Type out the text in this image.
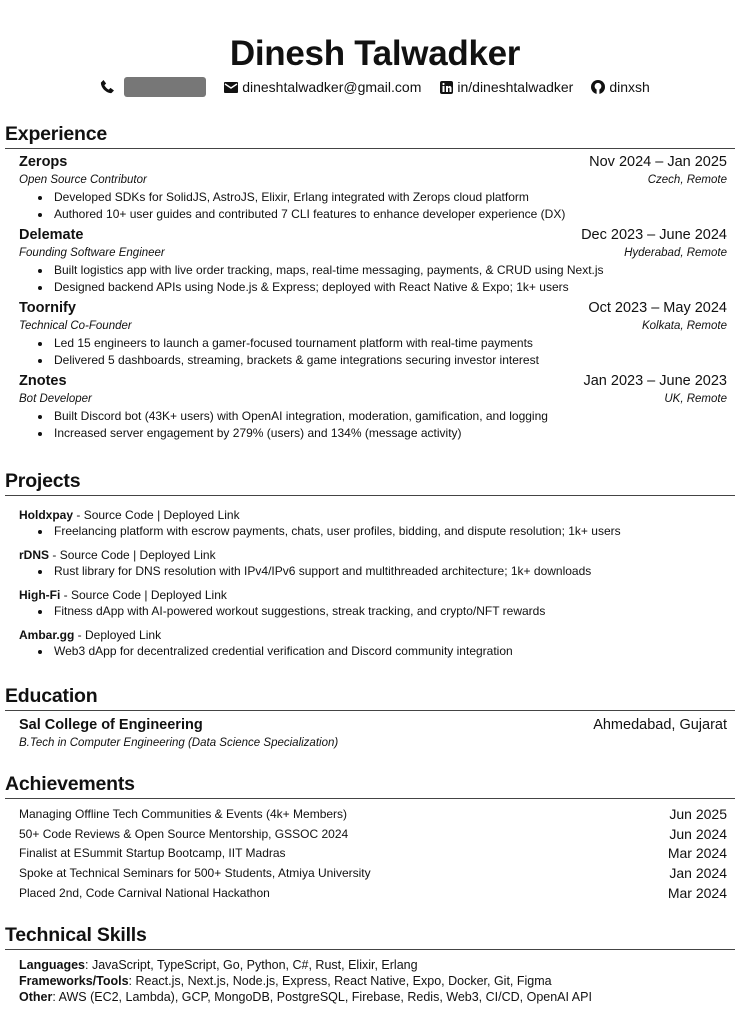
Dinesh Talwadker
dineshtalwadker@gmail.com	in/dineshtalwadker	dinxsh
Experience
Zerops	Nov 2024 – Jan 2025
Open Source Contributor	Czech, Remote
• Developed SDKs for SolidJS, AstroJS, Elixir, Erlang integrated with Zerops cloud platform
• Authored 10+ user guides and contributed 7 CLI features to enhance developer experience (DX)
Delemate	Dec 2023 – June 2024
Founding Software Engineer	Hyderabad, Remote
• Built logistics app with live order tracking, maps, real-time messaging, payments, & CRUD using Next.js
• Designed backend APIs using Node.js & Express; deployed with React Native & Expo; 1k+ users
Toornify	Oct 2023 – May 2024
Technical Co-Founder	Kolkata, Remote
• Led 15 engineers to launch a gamer-focused tournament platform with real-time payments
• Delivered 5 dashboards, streaming, brackets & game integrations securing investor interest
Znotes	Jan 2023 – June 2023
Bot Developer	UK, Remote
• Built Discord bot (43K+ users) with OpenAI integration, moderation, gamification, and logging
• Increased server engagement by 279% (users) and 134% (message activity)
Projects
Holdxpay - Source Code | Deployed Link
• Freelancing platform with escrow payments, chats, user profiles, bidding, and dispute resolution; 1k+ users
rDNS - Source Code | Deployed Link
• Rust library for DNS resolution with IPv4/IPv6 support and multithreaded architecture; 1k+ downloads
High-Fi - Source Code | Deployed Link
• Fitness dApp with AI-powered workout suggestions, streak tracking, and crypto/NFT rewards
Ambar.gg - Deployed Link
• Web3 dApp for decentralized credential verification and Discord community integration
Education
Sal College of Engineering	Ahmedabad, Gujarat
B.Tech in Computer Engineering (Data Science Specialization)
Achievements
Managing Offline Tech Communities & Events (4k+ Members)	Jun 2025
50+ Code Reviews & Open Source Mentorship, GSSOC 2024	Jun 2024
Finalist at ESummit Startup Bootcamp, IIT Madras	Mar 2024
Spoke at Technical Seminars for 500+ Students, Atmiya University	Jan 2024
Placed 2nd, Code Carnival National Hackathon	Mar 2024
Technical Skills
Languages: JavaScript, TypeScript, Go, Python, C#, Rust, Elixir, Erlang
Frameworks/Tools: React.js, Next.js, Node.js, Express, React Native, Expo, Docker, Git, Figma
Other: AWS (EC2, Lambda), GCP, MongoDB, PostgreSQL, Firebase, Redis, Web3, CI/CD, OpenAI API
